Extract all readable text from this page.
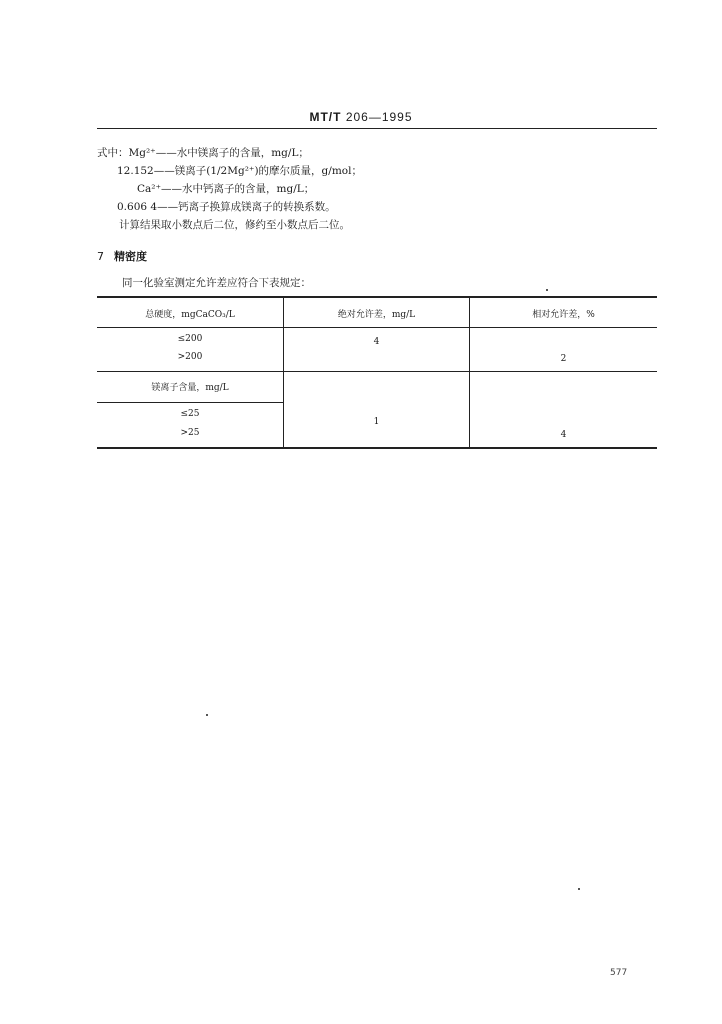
MT/T 206—1995
式中：Mg²⁺——水中镁离子的含量，mg/L；
12.152——镁离子(1/2Mg²⁺)的摩尔质量，g/mol；
Ca²⁺——水中钙离子的含量，mg/L；
0.606 4——钙离子换算成镁离子的转换系数。
计算结果取小数点后二位，修约至小数点后二位。
7 精密度
同一化验室测定允许差应符合下表规定：
总硬度，mgCaCO₃/L	绝对允许差，mg/L	相对允许差，%
≤200
>200
4
2
镁离子含量，mg/L
≤25
>25
1
4
577
